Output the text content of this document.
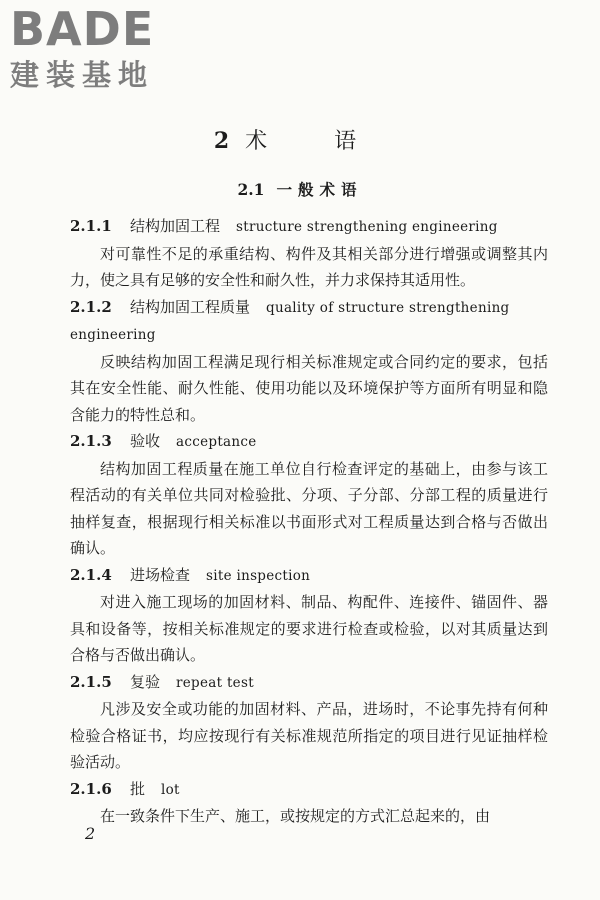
BADE
建装基地
2 术 语
2.1 一般术语
2.1.1 结构加固工程 structure strengthening engineering
对可靠性不足的承重结构、构件及其相关部分进行增强或调整其内力，使之具有足够的安全性和耐久性，并力求保持其适用性。
2.1.2 结构加固工程质量 quality of structure strengthening engineering
反映结构加固工程满足现行相关标准规定或合同约定的要求，包括其在安全性能、耐久性能、使用功能以及环境保护等方面所有明显和隐含能力的特性总和。
2.1.3 验收 acceptance
结构加固工程质量在施工单位自行检查评定的基础上，由参与该工程活动的有关单位共同对检验批、分项、子分部、分部工程的质量进行抽样复查，根据现行相关标准以书面形式对工程质量达到合格与否做出确认。
2.1.4 进场检查 site inspection
对进入施工现场的加固材料、制品、构配件、连接件、锚固件、器具和设备等，按相关标准规定的要求进行检查或检验，以对其质量达到合格与否做出确认。
2.1.5 复验 repeat test
凡涉及安全或功能的加固材料、产品，进场时，不论事先持有何种检验合格证书，均应按现行有关标准规范所指定的项目进行见证抽样检验活动。
2.1.6 批 lot
在一致条件下生产、施工，或按规定的方式汇总起来的，由
2
